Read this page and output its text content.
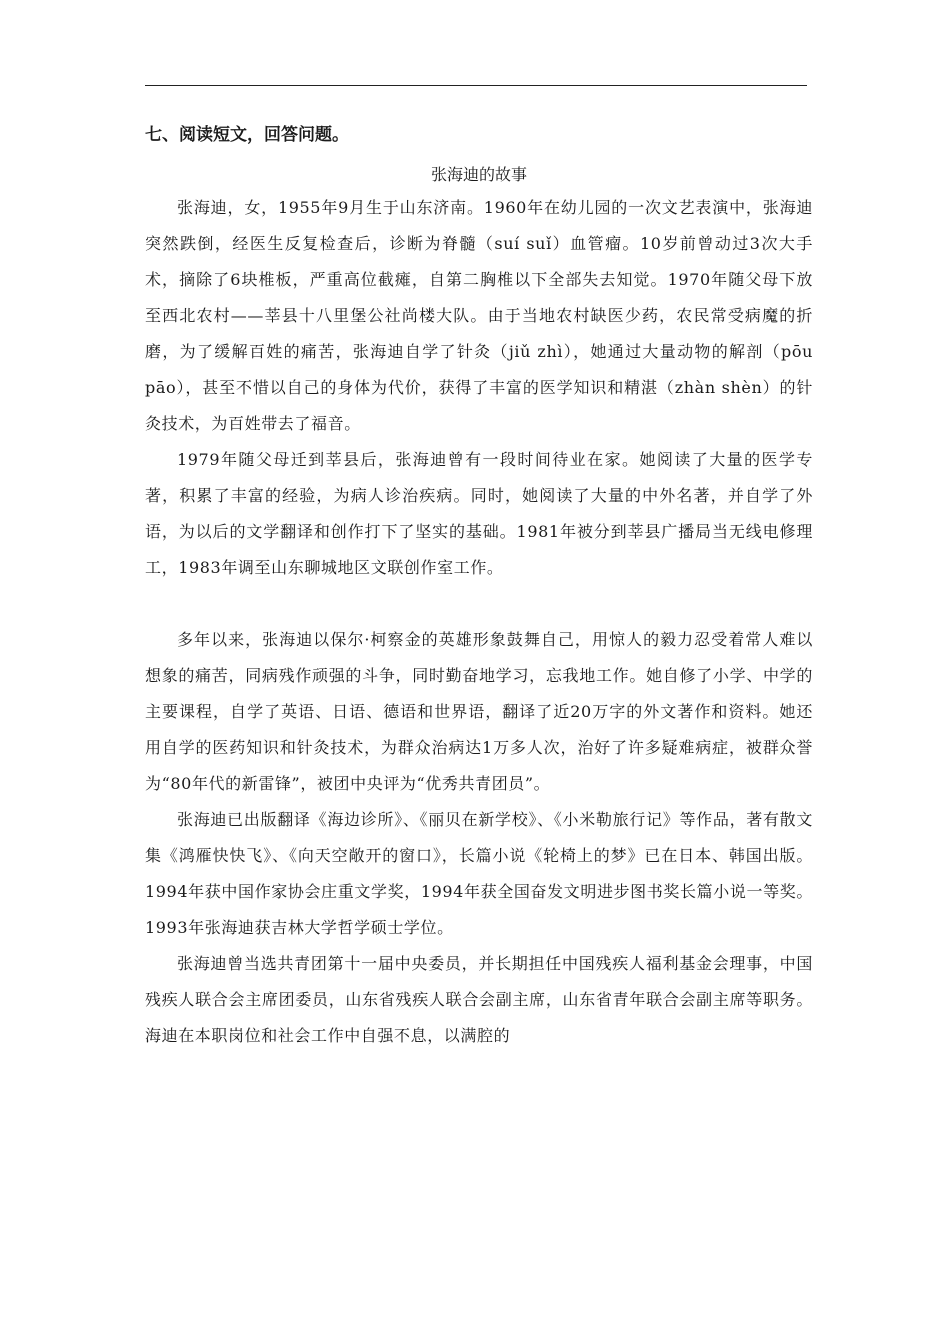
七、阅读短文，回答问题。

张海迪的故事

张海迪，女，1955年9月生于山东济南。1960年在幼儿园的一次文艺表演中，张海迪突然跌倒，经医生反复检查后，诊断为脊髓（suí suǐ）血管瘤。10岁前曾动过3次大手术，摘除了6块椎板，严重高位截瘫，自第二胸椎以下全部失去知觉。1970年随父母下放至西北农村——莘县十八里堡公社尚楼大队。由于当地农村缺医少药，农民常受病魔的折磨，为了缓解百姓的痛苦，张海迪自学了针灸（jiǔ zhì），她通过大量动物的解剖（pōu pāo），甚至不惜以自己的身体为代价，获得了丰富的医学知识和精湛（zhàn shèn）的针灸技术，为百姓带去了福音。

1979年随父母迁到莘县后，张海迪曾有一段时间待业在家。她阅读了大量的医学专著，积累了丰富的经验，为病人诊治疾病。同时，她阅读了大量的中外名著，并自学了外语，为以后的文学翻译和创作打下了坚实的基础。1981年被分到莘县广播局当无线电修理工，1983年调至山东聊城地区文联创作室工作。

多年以来，张海迪以保尔·柯察金的英雄形象鼓舞自己，用惊人的毅力忍受着常人难以想象的痛苦，同病残作顽强的斗争，同时勤奋地学习，忘我地工作。她自修了小学、中学的主要课程，自学了英语、日语、德语和世界语，翻译了近20万字的外文著作和资料。她还用自学的医药知识和针灸技术，为群众治病达1万多人次，治好了许多疑难病症，被群众誉为“80年代的新雷锋”，被团中央评为“优秀共青团员”。

张海迪已出版翻译《海边诊所》、《丽贝在新学校》、《小米勒旅行记》等作品，著有散文集《鸿雁快快飞》、《向天空敞开的窗口》，长篇小说《轮椅上的梦》已在日本、韩国出版。1994年获中国作家协会庄重文学奖，1994年获全国奋发文明进步图书奖长篇小说一等奖。1993年张海迪获吉林大学哲学硕士学位。

张海迪曾当选共青团第十一届中央委员，并长期担任中国残疾人福利基金会理事，中国残疾人联合会主席团委员，山东省残疾人联合会副主席，山东省青年联合会副主席等职务。海迪在本职岗位和社会工作中自强不息，以满腔的
